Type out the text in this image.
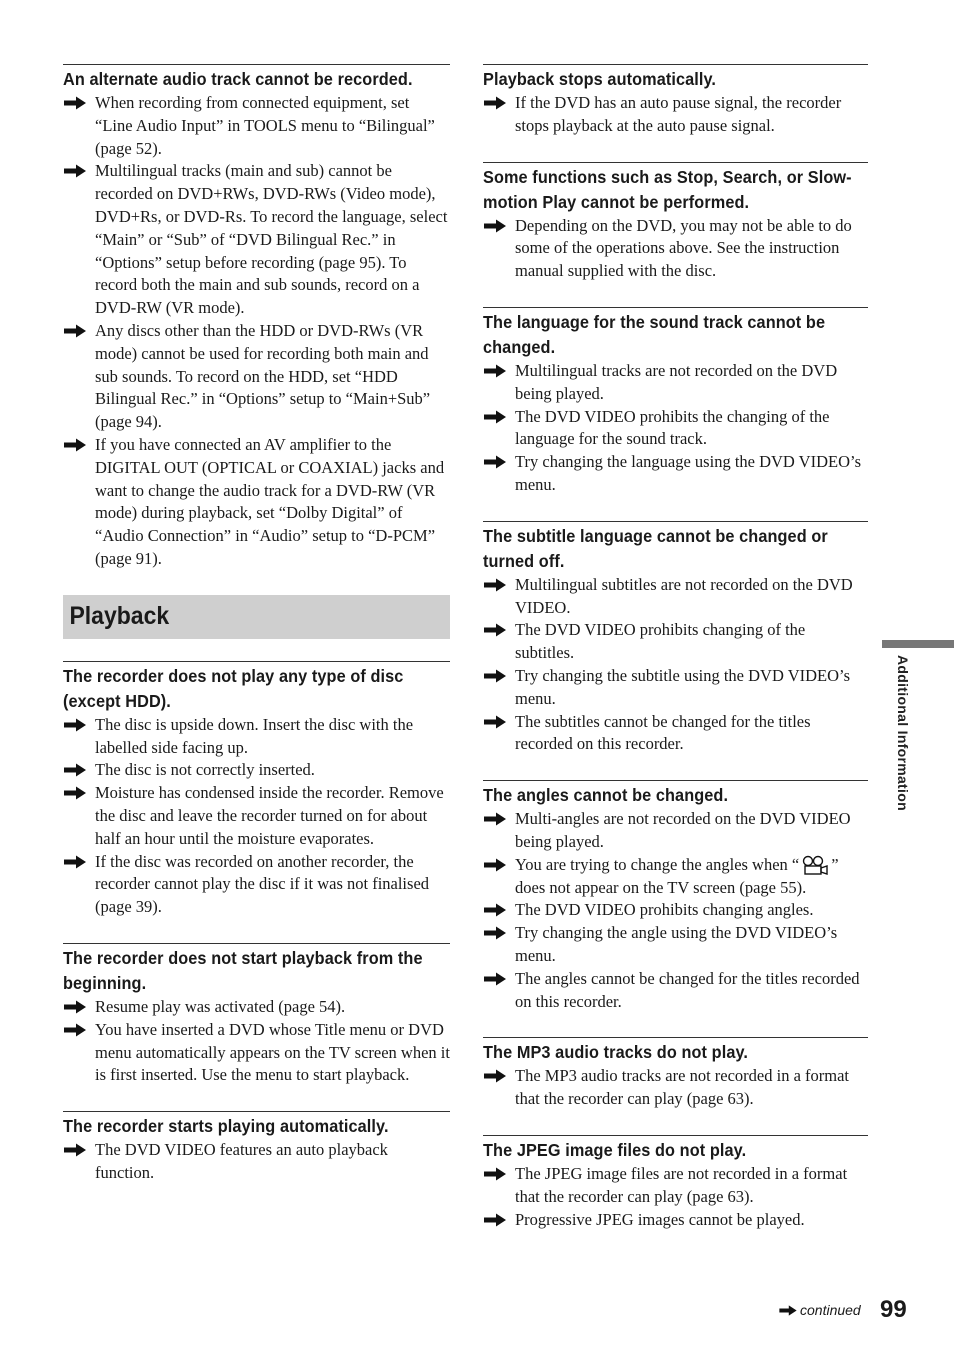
An alternate audio track cannot be recorded.
When recording from connected equipment, set “Line Audio Input” in TOOLS menu to “Bilingual” (page 52).
Multilingual tracks (main and sub) cannot be recorded on DVD+RWs, DVD-RWs (Video mode), DVD+Rs, or DVD-Rs. To record the language, select “Main” or “Sub” of “DVD Bilingual Rec.” in “Options” setup before recording (page 95). To record both the main and sub sounds, record on a DVD-RW (VR mode).
Any discs other than the HDD or DVD-RWs (VR mode) cannot be used for recording both main and sub sounds. To record on the HDD, set “HDD Bilingual Rec.” in “Options” setup to “Main+Sub” (page 94).
If you have connected an AV amplifier to the DIGITAL OUT (OPTICAL or COAXIAL) jacks and want to change the audio track for a DVD-RW (VR mode) during playback, set “Dolby Digital” of “Audio Connection” in “Audio” setup to “D-PCM” (page 91).
Playback
The recorder does not play any type of disc (except HDD).
The disc is upside down. Insert the disc with the labelled side facing up.
The disc is not correctly inserted.
Moisture has condensed inside the recorder. Remove the disc and leave the recorder turned on for about half an hour until the moisture evaporates.
If the disc was recorded on another recorder, the recorder cannot play the disc if it was not finalised (page 39).
The recorder does not start playback from the beginning.
Resume play was activated (page 54).
You have inserted a DVD whose Title menu or DVD menu automatically appears on the TV screen when it is first inserted. Use the menu to start playback.
The recorder starts playing automatically.
The DVD VIDEO features an auto playback function.
Playback stops automatically.
If the DVD has an auto pause signal, the recorder stops playback at the auto pause signal.
Some functions such as Stop, Search, or Slow-motion Play cannot be performed.
Depending on the DVD, you may not be able to do some of the operations above. See the instruction manual supplied with the disc.
The language for the sound track cannot be changed.
Multilingual tracks are not recorded on the DVD being played.
The DVD VIDEO prohibits the changing of the language for the sound track.
Try changing the language using the DVD VIDEO’s menu.
The subtitle language cannot be changed or turned off.
Multilingual subtitles are not recorded on the DVD VIDEO.
The DVD VIDEO prohibits changing of the subtitles.
Try changing the subtitle using the DVD VIDEO’s menu.
The subtitles cannot be changed for the titles recorded on this recorder.
The angles cannot be changed.
Multi-angles are not recorded on the DVD VIDEO being played.
You are trying to change the angles when “ ” does not appear on the TV screen (page 55).
The DVD VIDEO prohibits changing angles.
Try changing the angle using the DVD VIDEO’s menu.
The angles cannot be changed for the titles recorded on this recorder.
The MP3 audio tracks do not play.
The MP3 audio tracks are not recorded in a format that the recorder can play (page 63).
The JPEG image files do not play.
The JPEG image files are not recorded in a format that the recorder can play (page 63).
Progressive JPEG images cannot be played.
Additional Information
continued 99
